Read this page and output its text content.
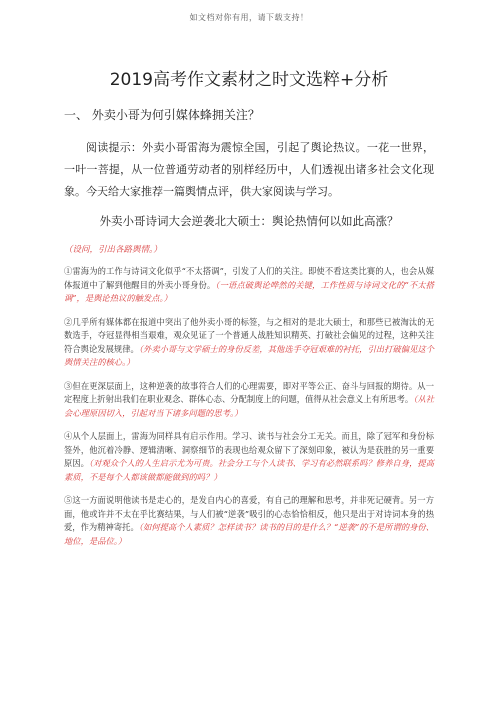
如文档对你有用，请下载支持！
2019高考作文素材之时文选粹+分析
一、 外卖小哥为何引媒体蜂拥关注？
阅读提示：外卖小哥雷海为震惊全国，引起了舆论热议。一花一世界，一叶一菩提，从一位普通劳动者的别样经历中，人们透视出诸多社会文化现象。今天给大家推荐一篇舆情点评，供大家阅读与学习。
外卖小哥诗词大会逆袭北大硕士：舆论热情何以如此高涨？
（设问，引出各路舆情。）
①雷海为的工作与诗词文化似乎“不太搭调”，引发了人们的关注。即使不看这类比赛的人，也会从媒体报道中了解到他醒目的外卖小哥身份。（一语点破舆论哗然的关键，工作性质与诗词文化的“不太搭调”，是舆论热议的触发点。）
②几乎所有媒体都在报道中突出了他外卖小哥的标签，与之相对的是北大硕士，和那些已被淘汰的无数选手，夺冠显得相当艰难，观众见证了一个普通人战胜知识精英、打破社会偏见的过程，这种关注符合舆论发展规律。（外卖小哥与文学硕士的身份反差，其他选手夺冠艰难的衬托，引出打破偏见这个舆情关注的核心。）
③但在更深层面上，这种逆袭的故事符合人们的心理需要，即对平等公正、奋斗与回报的期待。从一定程度上折射出我们在职业观念、群体心态、分配制度上的问题，值得从社会意义上有所思考。（从社会心理原因切入，引起对当下诸多问题的思考。）
④从个人层面上，雷海为同样具有启示作用。学习、读书与社会分工无关。而且，除了冠军和身份标签外，他沉着冷静、逻辑清晰、洞察细节的表现也给观众留下了深刻印象，被认为是获胜的另一重要原因。（对观众个人的人生启示尤为可贵。社会分工与个人读书、学习有必然联系吗？修养自身，提高素质，不是每个人都该做都能做到的吗？）
⑤这一方面说明他读书是走心的，是发自内心的喜爱，有自己的理解和思考，并非死记硬背。另一方面，他或许并不太在乎比赛结果，与人们被“逆袭”吸引的心态恰恰相反，他只是出于对诗词本身的热爱，作为精神寄托。（如何提高个人素质？怎样读书？读书的目的是什么？“逆袭”的不是所谓的身份、地位，是品位。）
